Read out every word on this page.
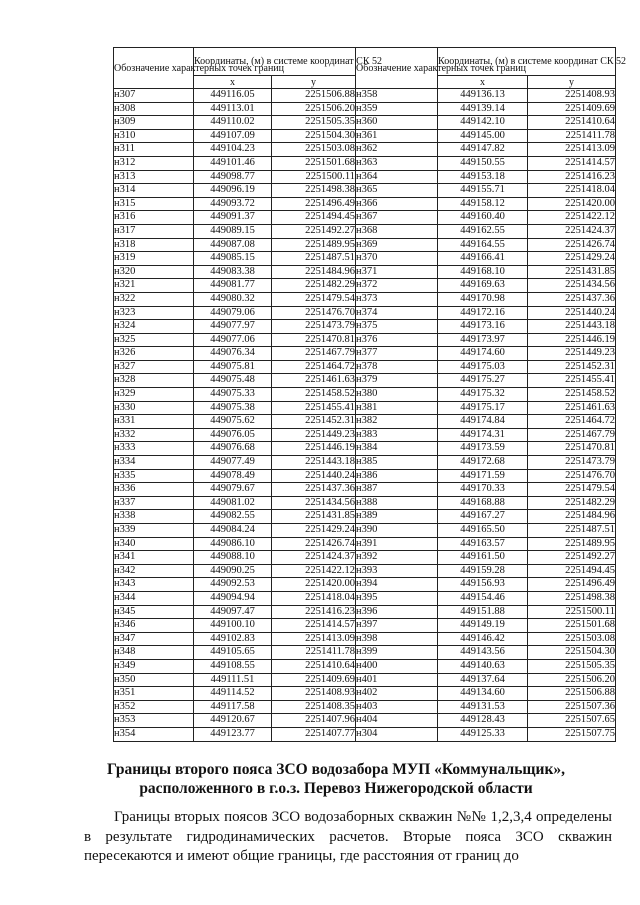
Обозначение характерных точек границ	Координаты, (м) в системе координат СК 52		Обозначение характерных точек границ	Координаты, (м) в системе координат СК 52	
	x	y		x	y
н307	449116.05	2251506.88	н358	449136.13	2251408.93
н308	449113.01	2251506.20	н359	449139.14	2251409.69
н309	449110.02	2251505.35	н360	449142.10	2251410.64
н310	449107.09	2251504.30	н361	449145.00	2251411.78
н311	449104.23	2251503.08	н362	449147.82	2251413.09
н312	449101.46	2251501.68	н363	449150.55	2251414.57
н313	449098.77	2251500.11	н364	449153.18	2251416.23
н314	449096.19	2251498.38	н365	449155.71	2251418.04
н315	449093.72	2251496.49	н366	449158.12	2251420.00
н316	449091.37	2251494.45	н367	449160.40	2251422.12
н317	449089.15	2251492.27	н368	449162.55	2251424.37
н318	449087.08	2251489.95	н369	449164.55	2251426.74
н319	449085.15	2251487.51	н370	449166.41	2251429.24
н320	449083.38	2251484.96	н371	449168.10	2251431.85
н321	449081.77	2251482.29	н372	449169.63	2251434.56
н322	449080.32	2251479.54	н373	449170.98	2251437.36
н323	449079.06	2251476.70	н374	449172.16	2251440.24
н324	449077.97	2251473.79	н375	449173.16	2251443.18
н325	449077.06	2251470.81	н376	449173.97	2251446.19
н326	449076.34	2251467.79	н377	449174.60	2251449.23
н327	449075.81	2251464.72	н378	449175.03	2251452.31
н328	449075.48	2251461.63	н379	449175.27	2251455.41
н329	449075.33	2251458.52	н380	449175.32	2251458.52
н330	449075.38	2251455.41	н381	449175.17	2251461.63
н331	449075.62	2251452.31	н382	449174.84	2251464.72
н332	449076.05	2251449.23	н383	449174.31	2251467.79
н333	449076.68	2251446.19	н384	449173.59	2251470.81
н334	449077.49	2251443.18	н385	449172.68	2251473.79
н335	449078.49	2251440.24	н386	449171.59	2251476.70
н336	449079.67	2251437.36	н387	449170.33	2251479.54
н337	449081.02	2251434.56	н388	449168.88	2251482.29
н338	449082.55	2251431.85	н389	449167.27	2251484.96
н339	449084.24	2251429.24	н390	449165.50	2251487.51
н340	449086.10	2251426.74	н391	449163.57	2251489.95
н341	449088.10	2251424.37	н392	449161.50	2251492.27
н342	449090.25	2251422.12	н393	449159.28	2251494.45
н343	449092.53	2251420.00	н394	449156.93	2251496.49
н344	449094.94	2251418.04	н395	449154.46	2251498.38
н345	449097.47	2251416.23	н396	449151.88	2251500.11
н346	449100.10	2251414.57	н397	449149.19	2251501.68
н347	449102.83	2251413.09	н398	449146.42	2251503.08
н348	449105.65	2251411.78	н399	449143.56	2251504.30
н349	449108.55	2251410.64	н400	449140.63	2251505.35
н350	449111.51	2251409.69	н401	449137.64	2251506.20
н351	449114.52	2251408.93	н402	449134.60	2251506.88
н352	449117.58	2251408.35	н403	449131.53	2251507.36
н353	449120.67	2251407.96	н404	449128.43	2251507.65
н354	449123.77	2251407.77	н304	449125.33	2251507.75
Границы второго пояса ЗСО водозабора МУП «Коммунальщик»,
расположенного в г.о.з. Перевоз Нижегородской области
Границы вторых поясов ЗСО водозаборных скважин №№ 1,2,3,4 определены в результате гидродинамических расчетов. Вторые пояса ЗСО скважин пересекаются и имеют общие границы, где расстояния от границ до
